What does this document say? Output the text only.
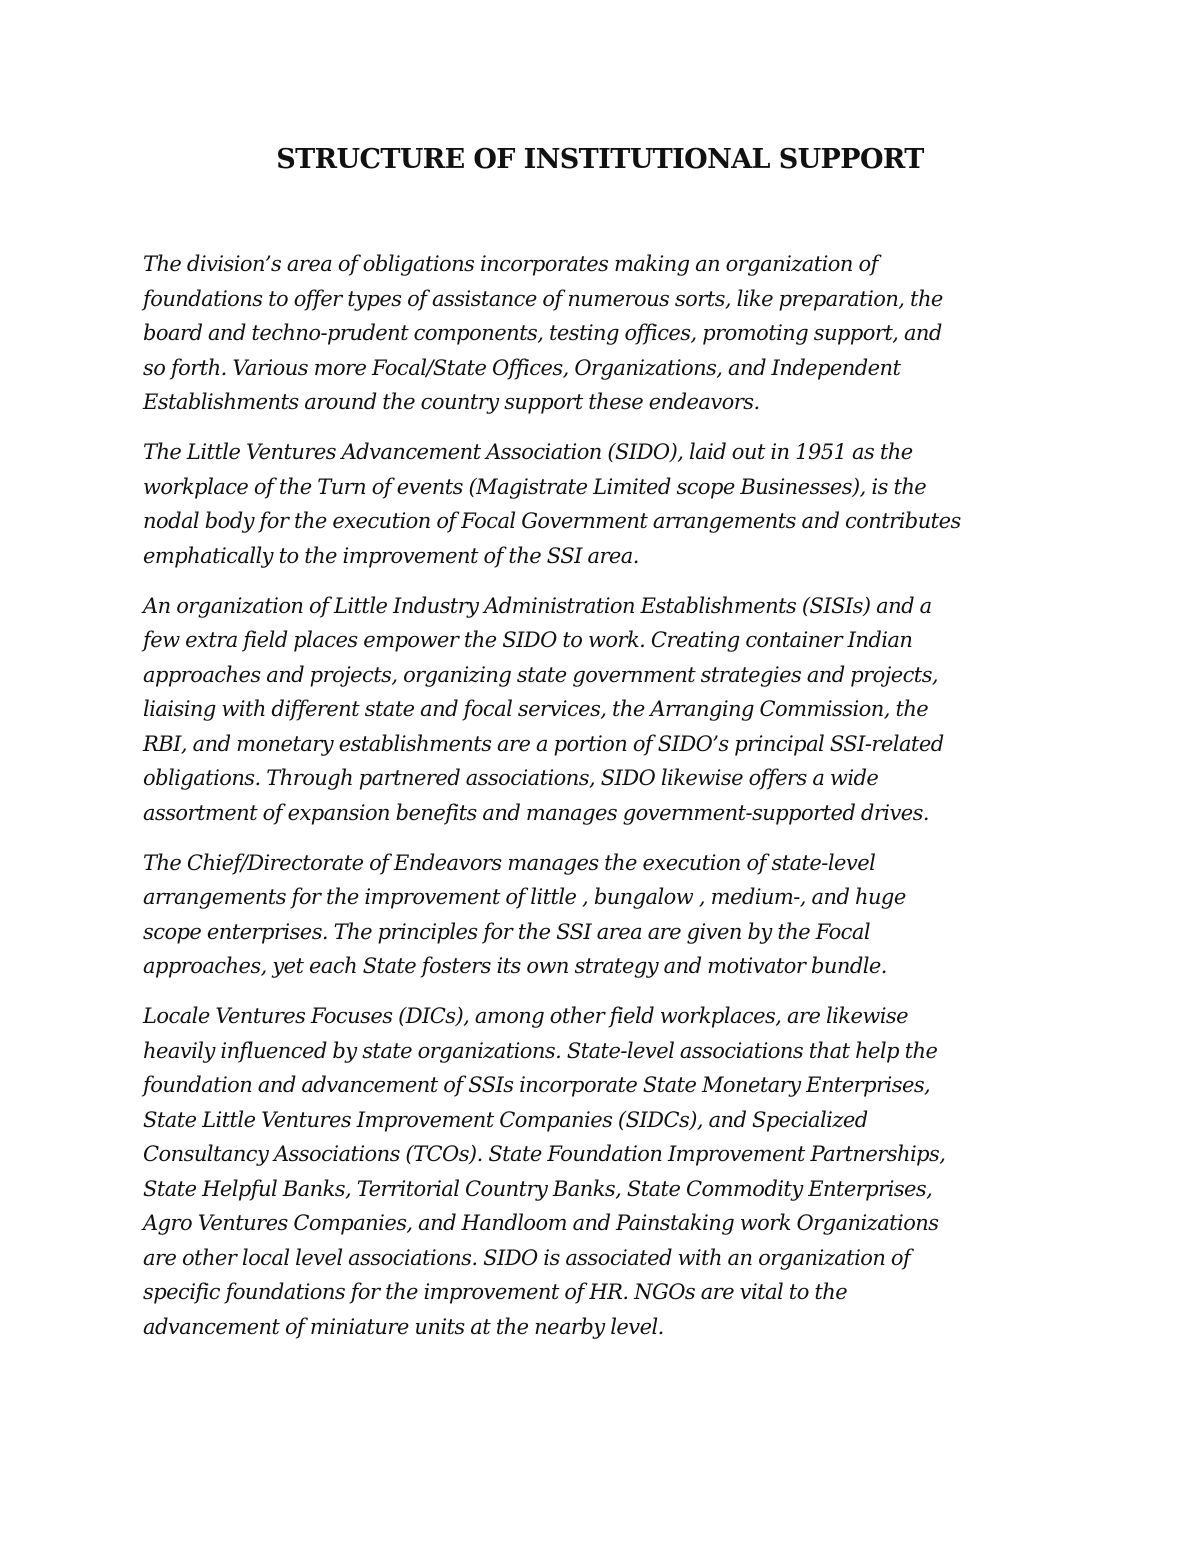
STRUCTURE OF INSTITUTIONAL SUPPORT

The division’s area of obligations incorporates making an organization of
foundations to offer types of assistance of numerous sorts, like preparation, the
board and techno-prudent components, testing offices, promoting support, and
so forth. Various more Focal/State Offices, Organizations, and Independent
Establishments around the country support these endeavors.

The Little Ventures Advancement Association (SIDO), laid out in 1951 as the
workplace of the Turn of events (Magistrate Limited scope Businesses), is the
nodal body for the execution of Focal Government arrangements and contributes
emphatically to the improvement of the SSI area.

An organization of Little Industry Administration Establishments (SISIs) and a
few extra field places empower the SIDO to work. Creating container Indian
approaches and projects, organizing state government strategies and projects,
liaising with different state and focal services, the Arranging Commission, the
RBI, and monetary establishments are a portion of SIDO’s principal SSI-related
obligations. Through partnered associations, SIDO likewise offers a wide
assortment of expansion benefits and manages government-supported drives.

The Chief/Directorate of Endeavors manages the execution of state-level
arrangements for the improvement of little , bungalow , medium-, and huge
scope enterprises. The principles for the SSI area are given by the Focal
approaches, yet each State fosters its own strategy and motivator bundle.

Locale Ventures Focuses (DICs), among other field workplaces, are likewise
heavily influenced by state organizations. State-level associations that help the
foundation and advancement of SSIs incorporate State Monetary Enterprises,
State Little Ventures Improvement Companies (SIDCs), and Specialized
Consultancy Associations (TCOs). State Foundation Improvement Partnerships,
State Helpful Banks, Territorial Country Banks, State Commodity Enterprises,
Agro Ventures Companies, and Handloom and Painstaking work Organizations
are other local level associations. SIDO is associated with an organization of
specific foundations for the improvement of HR. NGOs are vital to the
advancement of miniature units at the nearby level.
